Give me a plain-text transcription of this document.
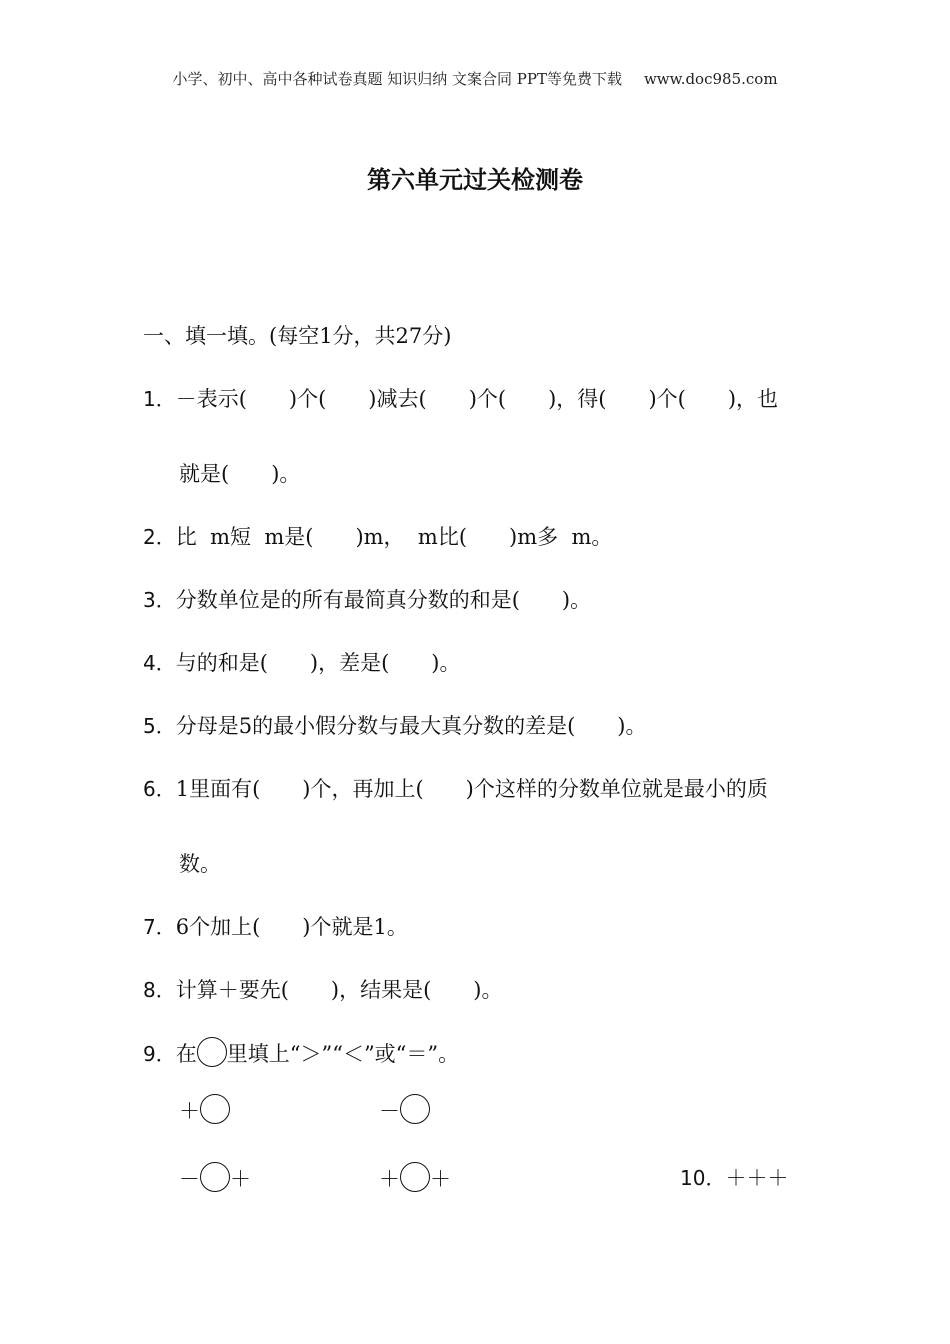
小学、初中、高中各种试卷真题 知识归纳 文案合同 PPT等免费下载 www.doc985.com
第六单元过关检测卷
一、填一填。(每空1分，共27分)
1．－表示(　　)个(　　)减去(　　)个(　　)，得(　　)个(　　)，也
就是(　　)。
2．比  m短  m是(　　)m，  m比(　　)m多  m。
3．分数单位是的所有最简真分数的和是(　　)。
4．与的和是(　　)，差是(　　)。
5．分母是5的最小假分数与最大真分数的差是(　　)。
6．1里面有(　　)个，再加上(　　)个这样的分数单位就是最小的质
数。
7．6个加上(　　)个就是1。
8．计算＋要先(　　)，结果是(　　)。
9．在 里填上“＞”“＜”或“＝”。
＋	－
－ ＋	＋ ＋	10．＋＋＋
